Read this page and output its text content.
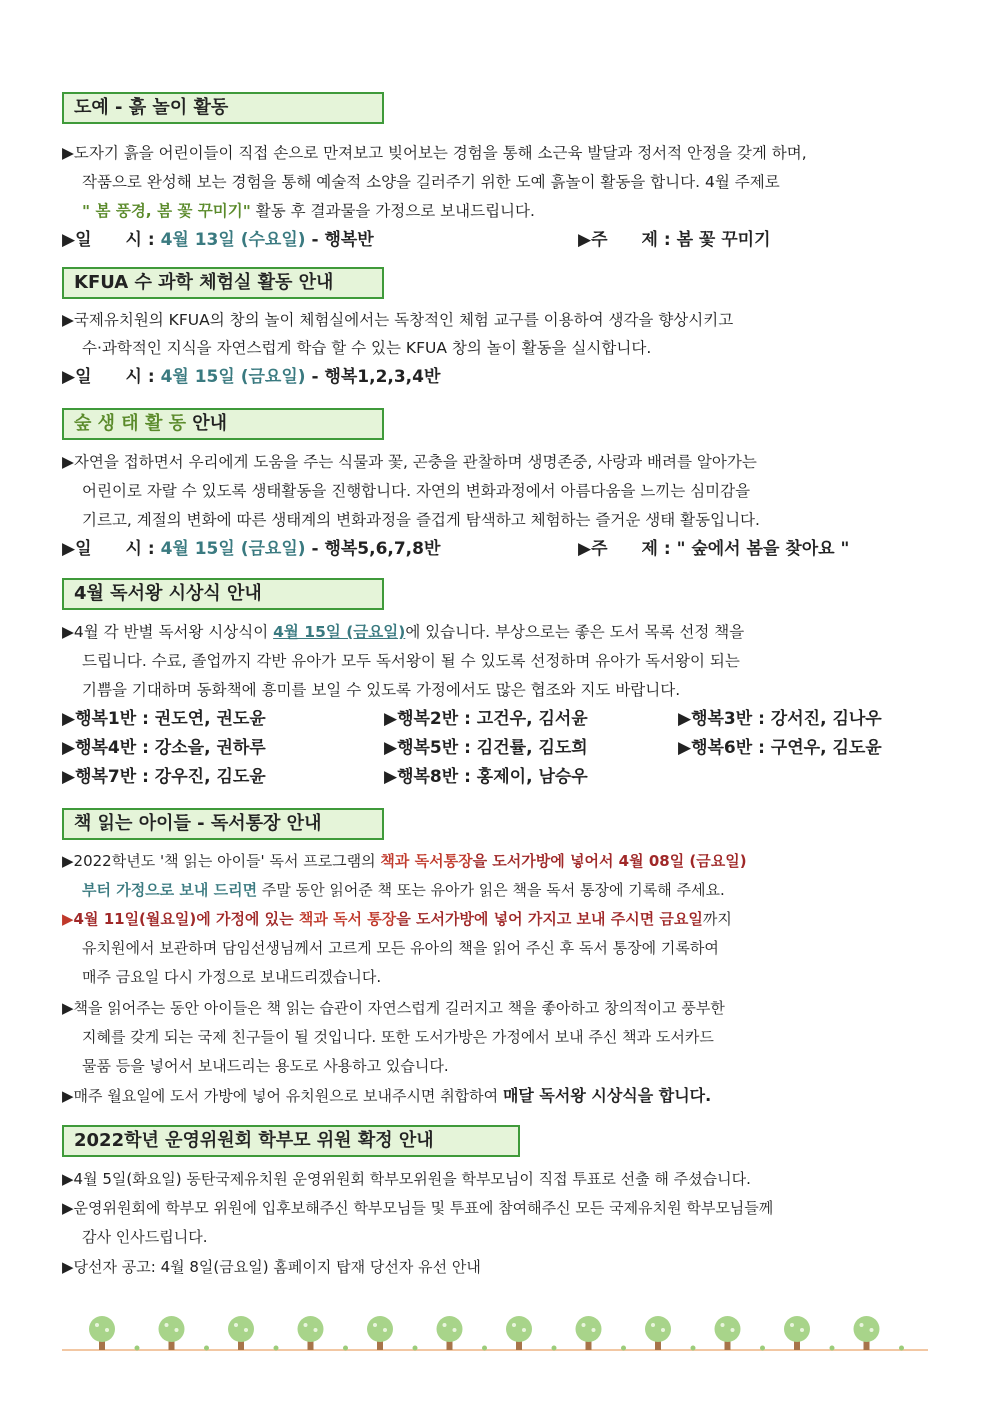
도예 - 흙 놀이 활동
▶도자기 흙을 어린이들이 직접 손으로 만져보고 빚어보는 경험을 통해 소근육 발달과 정서적 안정을 갖게 하며,
작품으로 완성해 보는 경험을 통해 예술적 소양을 길러주기 위한 도예 흙놀이 활동을 합니다. 4월 주제로
" 봄 풍경, 봄 꽃 꾸미기" 활동 후 결과물을 가정으로 보내드립니다.
▶일　　시 : 4월 13일 (수요일) - 행복반	▶주　　제 : 봄 꽃 꾸미기
KFUA 수 과학 체험실 활동 안내
▶국제유치원의 KFUA의 창의 놀이 체험실에서는 독창적인 체험 교구를 이용하여 생각을 향상시키고
수·과학적인 지식을 자연스럽게 학습 할 수 있는 KFUA 창의 놀이 활동을 실시합니다.
▶일　　시 : 4월 15일 (금요일) - 행복1,2,3,4반
숲 생 태 활 동 안내
▶자연을 접하면서 우리에게 도움을 주는 식물과 꽃, 곤충을 관찰하며 생명존중, 사랑과 배려를 알아가는
어린이로 자랄 수 있도록 생태활동을 진행합니다. 자연의 변화과정에서 아름다움을 느끼는 심미감을
기르고, 계절의 변화에 따른 생태계의 변화과정을 즐겁게 탐색하고 체험하는 즐거운 생태 활동입니다.
▶일　　시 : 4월 15일 (금요일) - 행복5,6,7,8반	▶주　　제 : " 숲에서 봄을 찾아요 "
4월 독서왕 시상식 안내
▶4월 각 반별 독서왕 시상식이 4월 15일 (금요일)에 있습니다. 부상으로는 좋은 도서 목록 선정 책을
드립니다. 수료, 졸업까지 각반 유아가 모두 독서왕이 될 수 있도록 선정하며 유아가 독서왕이 되는
기쁨을 기대하며 동화책에 흥미를 보일 수 있도록 가정에서도 많은 협조와 지도 바랍니다.
▶행복1반 : 권도연, 권도윤	▶행복2반 : 고건우, 김서윤	▶행복3반 : 강서진, 김나우
▶행복4반 : 강소을, 권하루	▶행복5반 : 김건률, 김도희	▶행복6반 : 구연우, 김도윤
▶행복7반 : 강우진, 김도윤	▶행복8반 : 홍제이, 남승우
책 읽는 아이들 - 독서통장 안내
▶2022학년도 '책 읽는 아이들' 독서 프로그램의 책과 독서통장을 도서가방에 넣어서 4월 08일 (금요일)
부터 가정으로 보내 드리면 주말 동안 읽어준 책 또는 유아가 읽은 책을 독서 통장에 기록해 주세요.
▶4월 11일(월요일)에 가정에 있는 책과 독서 통장을 도서가방에 넣어 가지고 보내 주시면 금요일까지
유치원에서 보관하며 담임선생님께서 고르게 모든 유아의 책을 읽어 주신 후 독서 통장에 기록하여
매주 금요일 다시 가정으로 보내드리겠습니다.
▶책을 읽어주는 동안 아이들은 책 읽는 습관이 자연스럽게 길러지고 책을 좋아하고 창의적이고 풍부한
지혜를 갖게 되는 국제 친구들이 될 것입니다. 또한 도서가방은 가정에서 보내 주신 책과 도서카드
물품 등을 넣어서 보내드리는 용도로 사용하고 있습니다.
▶매주 월요일에 도서 가방에 넣어 유치원으로 보내주시면 취합하여 매달 독서왕 시상식을 합니다.
2022학년 운영위원회 학부모 위원 확정 안내
▶4월 5일(화요일) 동탄국제유치원 운영위원회 학부모위원을 학부모님이 직접 투표로 선출 해 주셨습니다.
▶운영위원회에 학부모 위원에 입후보해주신 학부모님들 및 투표에 참여해주신 모든 국제유치원 학부모님들께
감사 인사드립니다.
▶당선자 공고: 4월 8일(금요일) 홈페이지 탑재 당선자 유선 안내
